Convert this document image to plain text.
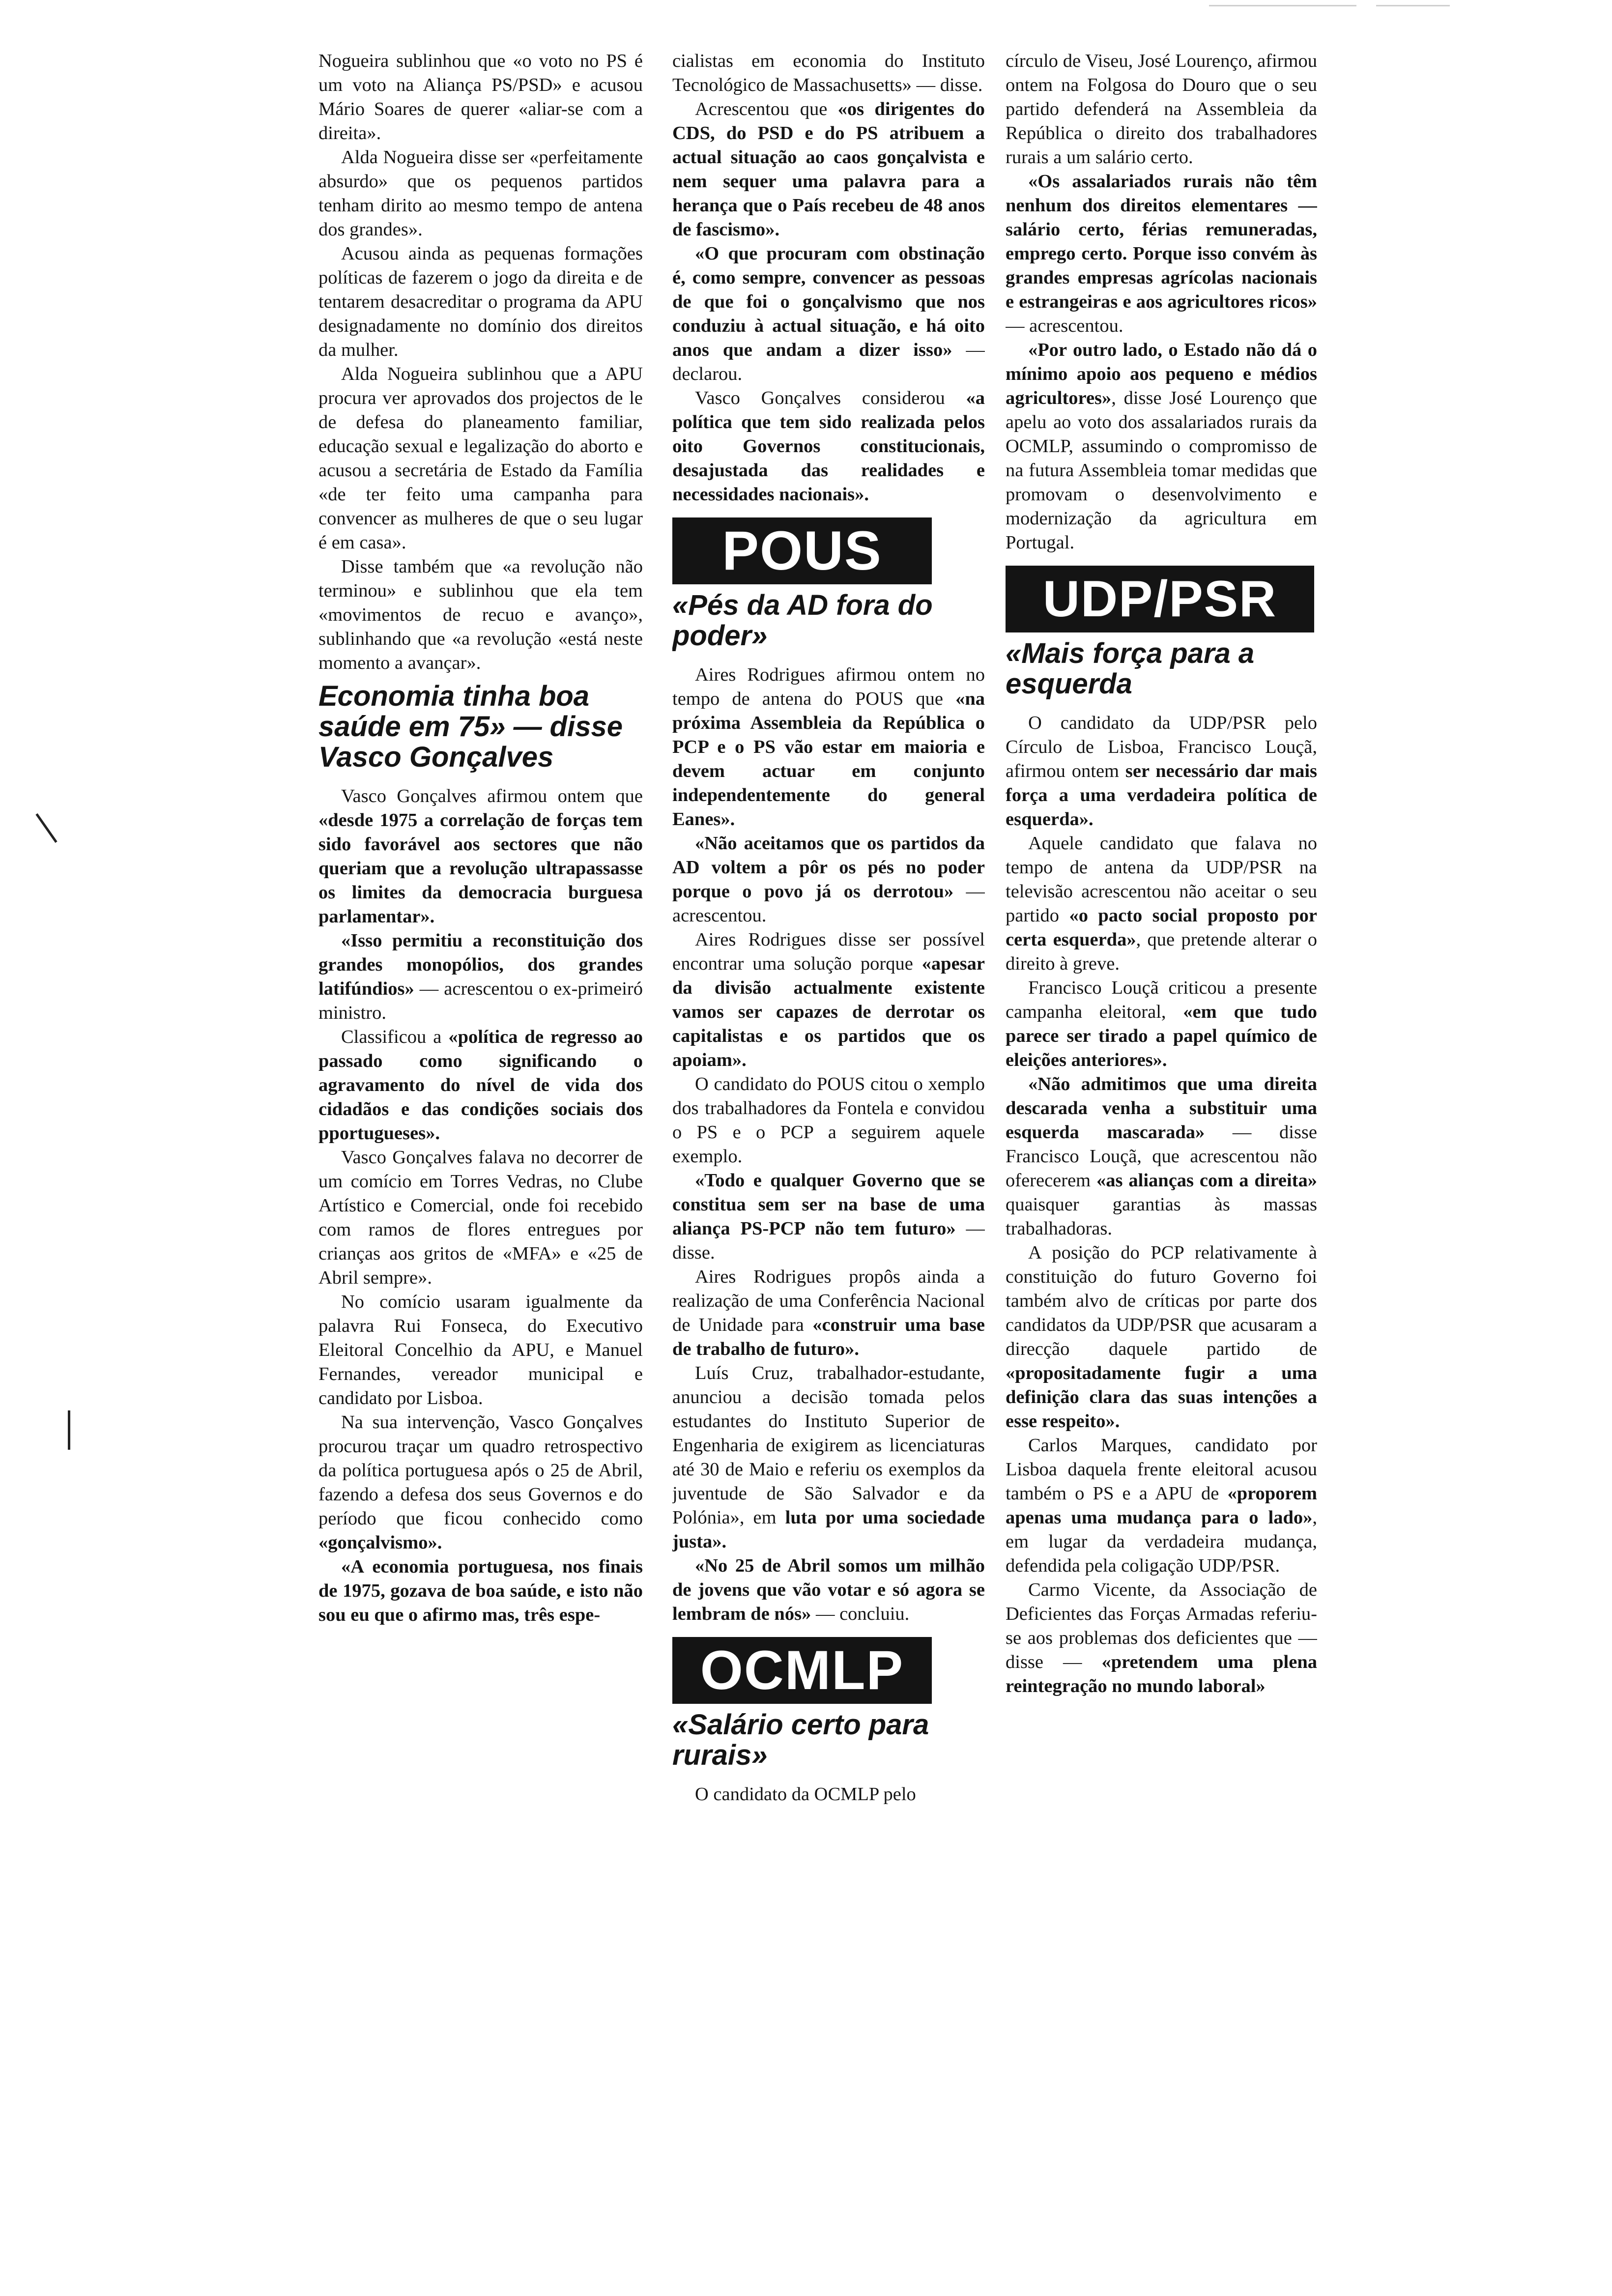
Nogueira sublinhou que «o voto no PS é um voto na Aliança PS/PSD» e acusou Mário Soares de querer «aliar-se com a direita».

Alda Nogueira disse ser «perfeitamente absurdo» que os pequenos partidos tenham dirito ao mesmo tempo de antena dos grandes».

Acusou ainda as pequenas formações políticas de fazerem o jogo da direita e de tentarem desacreditar o programa da APU designadamente no domínio dos direitos da mulher.

Alda Nogueira sublinhou que a APU procura ver aprovados dos projectos de le de defesa do planeamento familiar, educação sexual e legalização do aborto e acusou a secretária de Estado da Família «de ter feito uma campanha para convencer as mulheres de que o seu lugar é em casa».

Disse também que «a revolução não terminou» e sublinhou que ela tem «movimentos de recuo e avanço», sublinhando que «a revolução «está neste momento a avançar».

Economia tinha boa saúde em 75» — disse Vasco Gonçalves

Vasco Gonçalves afirmou ontem que «desde 1975 a correlação de forças tem sido favorável aos sectores que não queriam que a revolução ultrapassasse os limites da democracia burguesa parlamentar».

«Isso permitiu a reconstituição dos grandes monopólios, dos grandes latifúndios» — acrescentou o ex-primeiró ministro.

Classificou a «política de regresso ao passado como significando o agravamento do nível de vida dos cidadãos e das condições sociais dos pportugueses».

Vasco Gonçalves falava no decorrer de um comício em Torres Vedras, no Clube Artístico e Comercial, onde foi recebido com ramos de flores entregues por crianças aos gritos de «MFA» e «25 de Abril sempre».

No comício usaram igualmente da palavra Rui Fonseca, do Executivo Eleitoral Concelhio da APU, e Manuel Fernandes, vereador municipal e candidato por Lisboa.

Na sua intervenção, Vasco Gonçalves procurou traçar um quadro retrospectivo da política portuguesa após o 25 de Abril, fazendo a defesa dos seus Governos e do período que ficou conhecido como «gonçalvismo».

«A economia portuguesa, nos finais de 1975, gozava de boa saúde, e isto não sou eu que o afirmo mas, três espe-

cialistas em economia do Instituto Tecnológico de Massachusetts» — disse.

Acrescentou que «os dirigentes do CDS, do PSD e do PS atribuem a actual situação ao caos gonçalvista e nem sequer uma palavra para a herança que o País recebeu de 48 anos de fascismo».

«O que procuram com obstinação é, como sempre, convencer as pessoas de que foi o gonçalvismo que nos conduziu à actual situação, e há oito anos que andam a dizer isso» — declarou.

Vasco Gonçalves considerou «a política que tem sido realizada pelos oito Governos constitucionais, desajustada das realidades e necessidades nacionais».

POUS
«Pés da AD fora do poder»

Aires Rodrigues afirmou ontem no tempo de antena do POUS que «na próxima Assembleia da República o PCP e o PS vão estar em maioria e devem actuar em conjunto independentemente do general Eanes».

«Não aceitamos que os partidos da AD voltem a pôr os pés no poder porque o povo já os derrotou» — acrescentou.

Aires Rodrigues disse ser possível encontrar uma solução porque «apesar da divisão actualmente existente vamos ser capazes de derrotar os capitalistas e os partidos que os apoiam».

O candidato do POUS citou o xemplo dos trabalhadores da Fontela e convidou o PS e o PCP a seguirem aquele exemplo.

«Todo e qualquer Governo que se constitua sem ser na base de uma aliança PS-PCP não tem futuro» — disse.

Aires Rodrigues propôs ainda a realização de uma Conferência Nacional de Unidade para «construir uma base de trabalho de futuro».

Luís Cruz, trabalhador-estudante, anunciou a decisão tomada pelos estudantes do Instituto Superior de Engenharia de exigirem as licenciaturas até 30 de Maio e referiu os exemplos da juventude de São Salvador e da Polónia», em luta por uma sociedade justa».

«No 25 de Abril somos um milhão de jovens que vão votar e só agora se lembram de nós» — concluiu.

OCMLP
«Salário certo para rurais»

O candidato da OCMLP pelo

círculo de Viseu, José Lourenço, afirmou ontem na Folgosa do Douro que o seu partido defenderá na Assembleia da República o direito dos trabalhadores rurais a um salário certo.

«Os assalariados rurais não têm nenhum dos direitos elementares — salário certo, férias remuneradas, emprego certo. Porque isso convém às grandes empresas agrícolas nacionais e estrangeiras e aos agricultores ricos» — acrescentou.

«Por outro lado, o Estado não dá o mínimo apoio aos pequeno e médios agricultores», disse José Lourenço que apelu ao voto dos assalariados rurais da OCMLP, assumindo o compromisso de na futura Assembleia tomar medidas que promovam o desenvolvimento e modernização da agricultura em Portugal.

UDP/PSR
«Mais força para a esquerda

O candidato da UDP/PSR pelo Círculo de Lisboa, Francisco Louçã, afirmou ontem ser necessário dar mais força a uma verdadeira política de esquerda».

Aquele candidato que falava no tempo de antena da UDP/PSR na televisão acrescentou não aceitar o seu partido «o pacto social proposto por certa esquerda», que pretende alterar o direito à greve.

Francisco Louçã criticou a presente campanha eleitoral, «em que tudo parece ser tirado a papel químico de eleições anteriores».

«Não admitimos que uma direita descarada venha a substituir uma esquerda mascarada» — disse Francisco Louçã, que acrescentou não oferecerem «as alianças com a direita» quaisquer garantias às massas trabalhadoras.

A posição do PCP relativamente à constituição do futuro Governo foi também alvo de críticas por parte dos candidatos da UDP/PSR que acusaram a direcção daquele partido de «propositadamente fugir a uma definição clara das suas intenções a esse respeito».

Carlos Marques, candidato por Lisboa daquela frente eleitoral acusou também o PS e a APU de «proporem apenas uma mudança para o lado», em lugar da verdadeira mudança, defendida pela coligação UDP/PSR.

Carmo Vicente, da Associação de Deficientes das Forças Armadas referiu-se aos problemas dos deficientes que — disse — «pretendem uma plena reintegração no mundo laboral»
